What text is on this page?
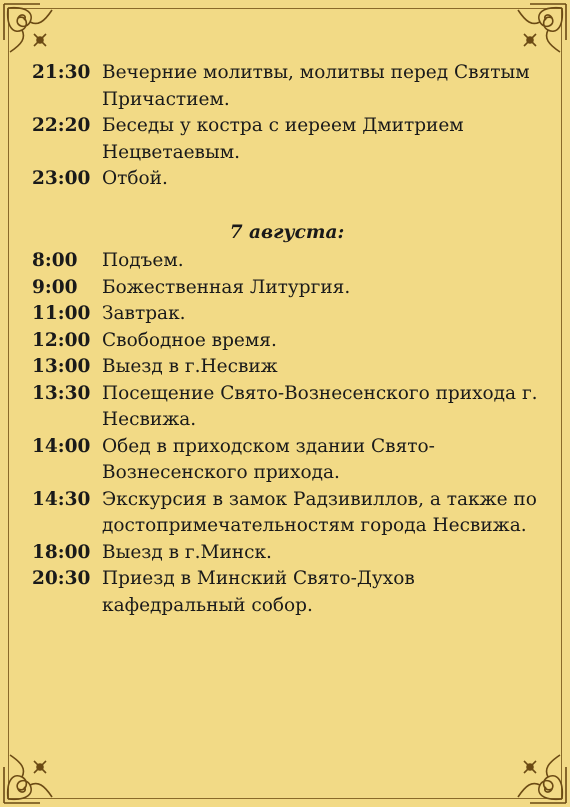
21:30 Вечерние молитвы, молитвы перед Святым Причастием.
22:20 Беседы у костра с иереем Дмитрием Нецветаевым.
23:00 Отбой.
7 августа:
8:00	Подъем.
9:00	Божественная Литургия.
11:00 Завтрак.
12:00 Свободное время.
13:00 Выезд в г.Несвиж
13:30 Посещение Свято-Вознесенского прихода г. Несвижа.
14:00 Обед в приходском здании Свято-Вознесенского прихода.
14:30 Экскурсия в замок Радзивиллов, а также по достопримечательностям города Несвижа.
18:00 Выезд в г.Минск.
20:30 Приезд в Минский Свято-Духов кафедральный собор.
